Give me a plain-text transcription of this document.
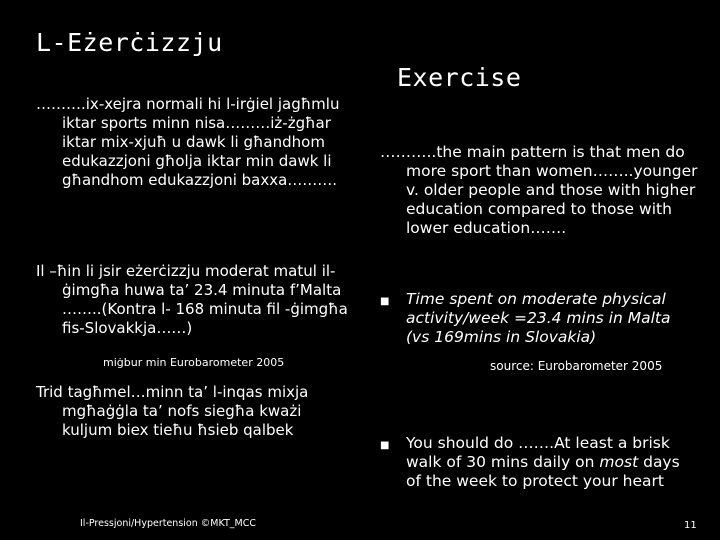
L-Eżerċizzju
Exercise
……….ix-xejra normali hi l-irġiel jagħmlu iktar sports minn nisa………iż-żgħar iktar mix-xjuħ u dawk li għandhom edukazzjoni għolja iktar min dawk li għandhom edukazzjoni baxxa……….
Il –ħin li jsir eżerċizzju moderat matul il-ġimgħa huwa ta’ 23.4 minuta f’Malta ……..(Kontra l- 168 minuta fil -ġimgħa fis-Slovakkja……)
miġbur min Eurobarometer 2005
Trid tagħmel…minn ta’ l-inqas mixja mgħaġġla ta’ nofs siegħa kważi kuljum biex tieħu ħsieb qalbek
Il-Pressjoni/Hypertension ©MKT_MCC
………..the main pattern is that men do more sport than women……..younger v. older people and those with higher education compared to those with lower education…….
■	Time spent on moderate physical activity/week =23.4 mins in Malta (vs 169mins in Slovakia)
source: Eurobarometer 2005
■	You should do …….At least a brisk walk of 30 mins daily on most days of the week to protect your heart
11
